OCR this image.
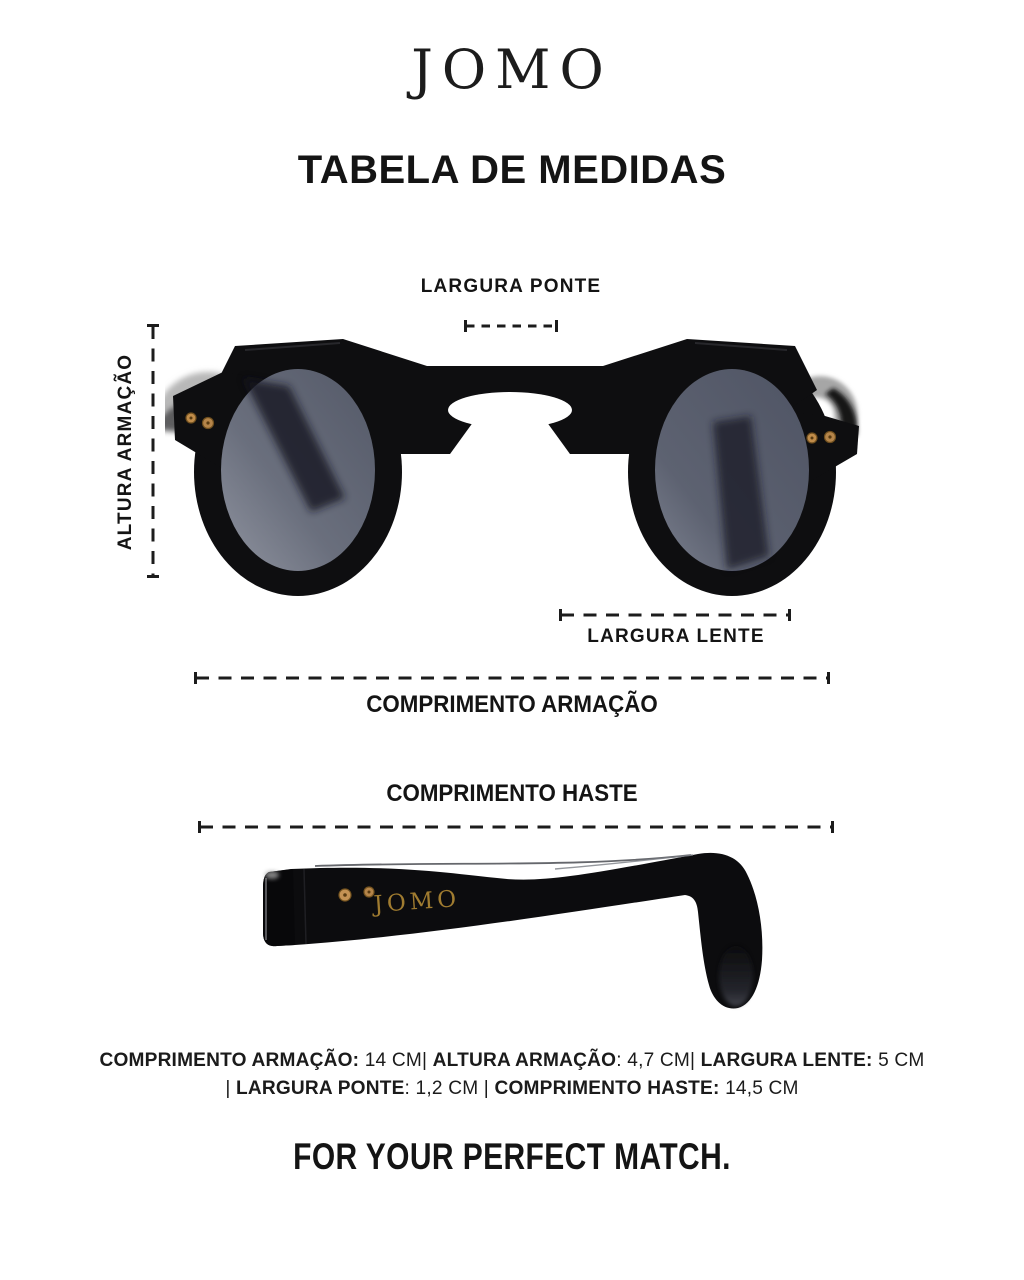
JOMO
TABELA DE MEDIDAS
LARGURA PONTE
ALTURA ARMAÇÃO
LARGURA LENTE
COMPRIMENTO ARMAÇÃO
COMPRIMENTO HASTE
JOMO
COMPRIMENTO ARMAÇÃO: 14 CM| ALTURA ARMAÇÃO: 4,7 CM| LARGURA LENTE: 5 CM
| LARGURA PONTE: 1,2 CM | COMPRIMENTO HASTE: 14,5 CM
FOR YOUR PERFECT MATCH.
